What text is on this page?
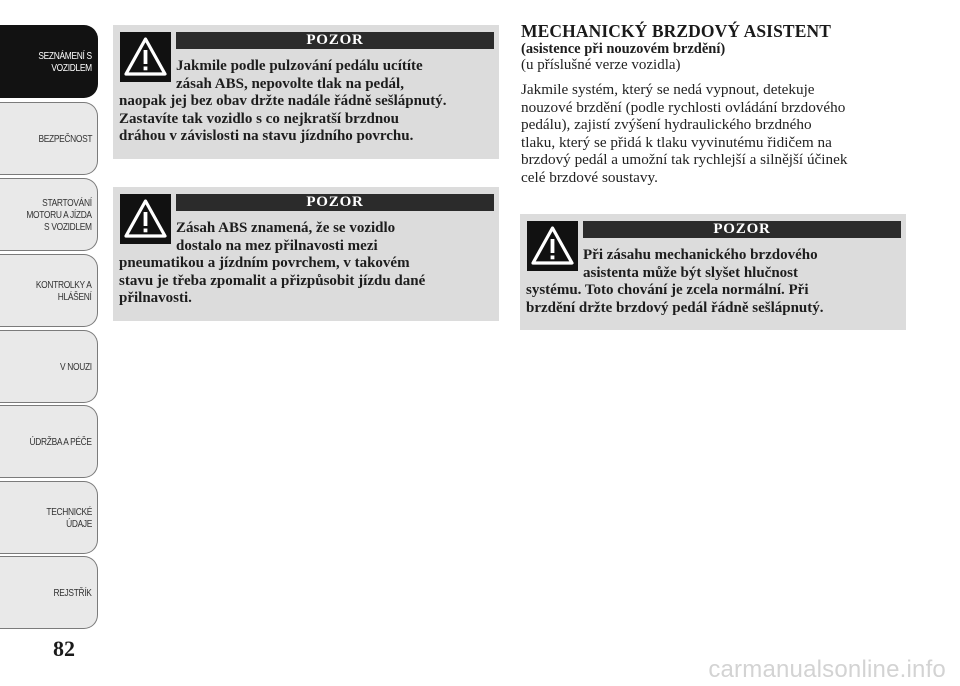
SEZNÁMENÍ S
VOZIDLEM
BEZPEČNOST
STARTOVÁNÍ
MOTORU A JÍZDA
S VOZIDLEM
KONTROLKY A
HLÁŠENÍ
V NOUZI
ÚDRŽBA A PÉČE
TECHNICKÉ
ÚDAJE
REJSTŘÍK
82
POZOR
Jakmile podle pulzování pedálu ucítíte
zásah ABS, nepovolte tlak na pedál,
naopak jej bez obav držte nadále řádně sešlápnutý.
Zastavíte tak vozidlo s co nejkratší brzdnou
dráhou v závislosti na stavu jízdního povrchu.
POZOR
Zásah ABS znamená, že se vozidlo
dostalo na mez přilnavosti mezi
pneumatikou a jízdním povrchem, v takovém
stavu je třeba zpomalit a přizpůsobit jízdu dané
přilnavosti.
MECHANICKÝ BRZDOVÝ ASISTENT
(asistence při nouzovém brzdění)
(u příslušné verze vozidla)
Jakmile systém, který se nedá vypnout, detekuje
nouzové brzdění (podle rychlosti ovládání brzdového
pedálu), zajistí zvýšení hydraulického brzdného
tlaku, který se přidá k tlaku vyvinutému řidičem na
brzdový pedál a umožní tak rychlejší a silnější účinek
celé brzdové soustavy.
POZOR
Při zásahu mechanického brzdového
asistenta může být slyšet hlučnost
systému. Toto chování je zcela normální. Při
brzdění držte brzdový pedál řádně sešlápnutý.
carmanualsonline.info
